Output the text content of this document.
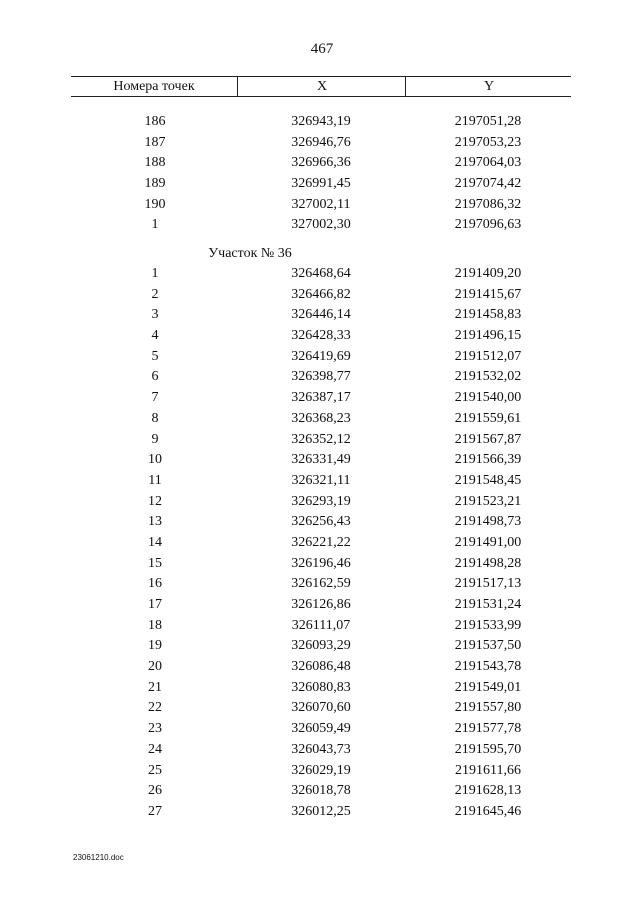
467
Номера точек	X	Y
186	326943,19	2197051,28
187	326946,76	2197053,23
188	326966,36	2197064,03
189	326991,45	2197074,42
190	327002,11	2197086,32
1	327002,30	2197096,63
Участок № 36
1	326468,64	2191409,20
2	326466,82	2191415,67
3	326446,14	2191458,83
4	326428,33	2191496,15
5	326419,69	2191512,07
6	326398,77	2191532,02
7	326387,17	2191540,00
8	326368,23	2191559,61
9	326352,12	2191567,87
10	326331,49	2191566,39
11	326321,11	2191548,45
12	326293,19	2191523,21
13	326256,43	2191498,73
14	326221,22	2191491,00
15	326196,46	2191498,28
16	326162,59	2191517,13
17	326126,86	2191531,24
18	326111,07	2191533,99
19	326093,29	2191537,50
20	326086,48	2191543,78
21	326080,83	2191549,01
22	326070,60	2191557,80
23	326059,49	2191577,78
24	326043,73	2191595,70
25	326029,19	2191611,66
26	326018,78	2191628,13
27	326012,25	2191645,46
23061210.doc
